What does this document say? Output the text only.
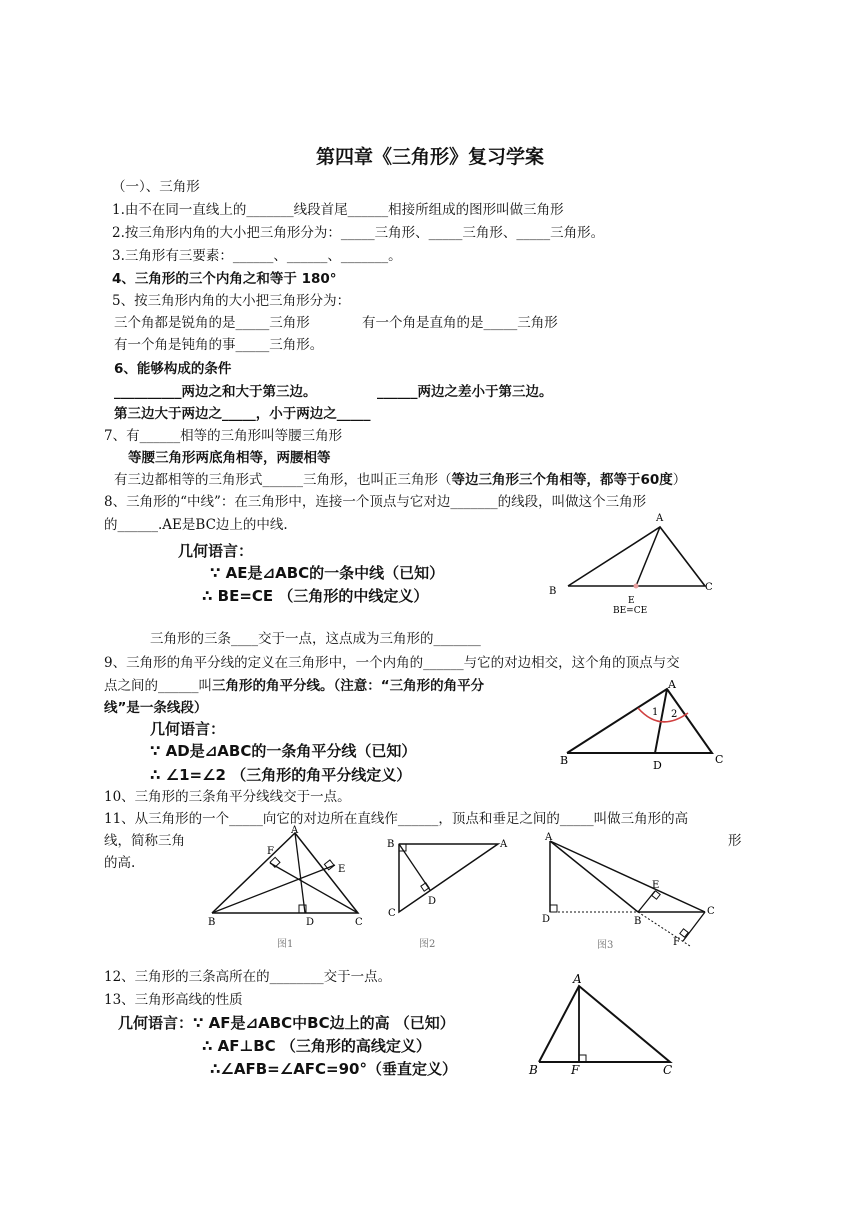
第四章《三角形》复习学案
（一）、三角形
1.由不在同一直线上的_______线段首尾______相接所组成的图形叫做三角形
2.按三角形内角的大小把三角形分为：_____三角形、_____三角形、_____三角形。
3.三角形有三要素：______、______、_______。
4、三角形的三个内角之和等于 180°
5、按三角形内角的大小把三角形分为：
三个角都是锐角的是_____三角形	有一个角是直角的是_____三角形
有一个角是钝角的事_____三角形。
6、能够构成的条件
__________两边之和大于第三边。	______两边之差小于第三边。
第三边大于两边之_____，小于两边之_____
7、有______相等的三角形叫等腰三角形
等腰三角形两底角相等，两腰相等
有三边都相等的三角形式______三角形，也叫正三角形（等边三角形三个角相等，都等于60度）
8、三角形的“中线”：在三角形中，连接一个顶点与它对边_______的线段，叫做这个三角形
的______.AE是BC边上的中线.
几何语言：
∵ AE是⊿ABC的一条中线（已知）
∴ BE=CE （三角形的中线定义）
A
B	C
E
BE=CE
三角形的三条____交于一点，这点成为三角形的_______
9、三角形的角平分线的定义在三角形中，一个内角的______与它的对边相交，这个角的顶点与交
点之间的______叫三角形的角平分线。（注意：“三角形的角平分
线”是一条线段）
几何语言：
∵ AD是⊿ABC的一条角平分线（已知）
∴ ∠1=∠2 （三角形的角平分线定义）
A
1 2
B	D	C
10、三角形的三条角平分线线交于一点。
11、从三角形的一个_____向它的对边所在直线作______，顶点和垂足之间的_____叫做三角形的高
线，简称三角	形
的高.
A
F
E
B	D	C
图1
B	A
D
C
图2
A
E
D	B
C
F
图3
12、三角形的三条高所在的________交于一点。
13、三角形高线的性质
几何语言：∵ AF是⊿ABC中BC边上的高 （已知）
∴ AF⊥BC （三角形的高线定义）
∴∠AFB=∠AFC=90°（垂直定义）
A
B	F	C
